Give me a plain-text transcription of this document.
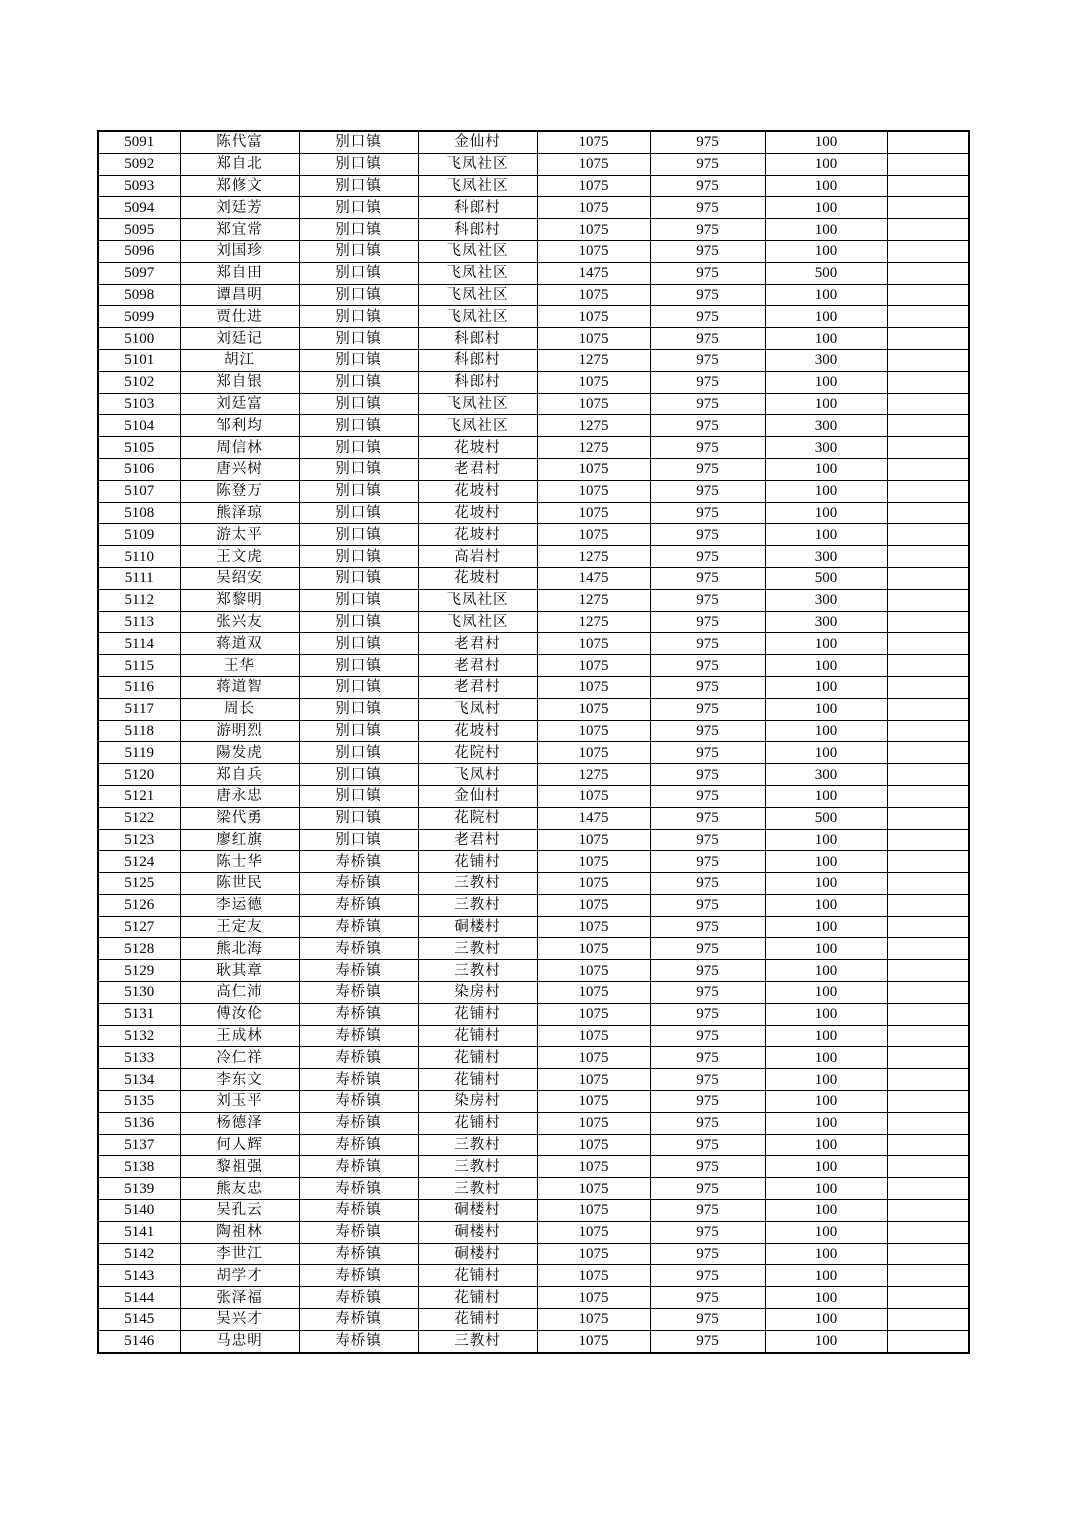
5091	陈代富	别口镇	金仙村	1075	975	100	
5092	郑自北	别口镇	飞凤社区	1075	975	100	
5093	郑修文	别口镇	飞凤社区	1075	975	100	
5094	刘廷芳	别口镇	科郎村	1075	975	100	
5095	郑宜常	别口镇	科郎村	1075	975	100	
5096	刘国珍	别口镇	飞凤社区	1075	975	100	
5097	郑自田	别口镇	飞凤社区	1475	975	500	
5098	谭昌明	别口镇	飞凤社区	1075	975	100	
5099	贾仕进	别口镇	飞凤社区	1075	975	100	
5100	刘廷记	别口镇	科郎村	1075	975	100	
5101	胡江	别口镇	科郎村	1275	975	300	
5102	郑自银	别口镇	科郎村	1075	975	100	
5103	刘廷富	别口镇	飞凤社区	1075	975	100	
5104	邹利均	别口镇	飞凤社区	1275	975	300	
5105	周信林	别口镇	花坡村	1275	975	300	
5106	唐兴树	别口镇	老君村	1075	975	100	
5107	陈登万	别口镇	花坡村	1075	975	100	
5108	熊泽琼	别口镇	花坡村	1075	975	100	
5109	游太平	别口镇	花坡村	1075	975	100	
5110	王文虎	别口镇	高岩村	1275	975	300	
5111	吴绍安	别口镇	花坡村	1475	975	500	
5112	郑黎明	别口镇	飞凤社区	1275	975	300	
5113	张兴友	别口镇	飞凤社区	1275	975	300	
5114	蒋道双	别口镇	老君村	1075	975	100	
5115	王华	别口镇	老君村	1075	975	100	
5116	蒋道智	别口镇	老君村	1075	975	100	
5117	周长	别口镇	飞凤村	1075	975	100	
5118	游明烈	别口镇	花坡村	1075	975	100	
5119	陽发虎	别口镇	花院村	1075	975	100	
5120	郑自兵	别口镇	飞凤村	1275	975	300	
5121	唐永忠	别口镇	金仙村	1075	975	100	
5122	梁代勇	别口镇	花院村	1475	975	500	
5123	廖红旗	别口镇	老君村	1075	975	100	
5124	陈士华	寿桥镇	花铺村	1075	975	100	
5125	陈世民	寿桥镇	三教村	1075	975	100	
5126	李运德	寿桥镇	三教村	1075	975	100	
5127	王定友	寿桥镇	硐楼村	1075	975	100	
5128	熊北海	寿桥镇	三教村	1075	975	100	
5129	耿其章	寿桥镇	三教村	1075	975	100	
5130	高仁沛	寿桥镇	染房村	1075	975	100	
5131	傅汝伦	寿桥镇	花铺村	1075	975	100	
5132	王成林	寿桥镇	花铺村	1075	975	100	
5133	冷仁祥	寿桥镇	花铺村	1075	975	100	
5134	李东文	寿桥镇	花铺村	1075	975	100	
5135	刘玉平	寿桥镇	染房村	1075	975	100	
5136	杨德泽	寿桥镇	花铺村	1075	975	100	
5137	何人辉	寿桥镇	三教村	1075	975	100	
5138	黎祖强	寿桥镇	三教村	1075	975	100	
5139	熊友忠	寿桥镇	三教村	1075	975	100	
5140	吴孔云	寿桥镇	硐楼村	1075	975	100	
5141	陶祖林	寿桥镇	硐楼村	1075	975	100	
5142	李世江	寿桥镇	硐楼村	1075	975	100	
5143	胡学才	寿桥镇	花铺村	1075	975	100	
5144	张泽福	寿桥镇	花铺村	1075	975	100	
5145	吴兴才	寿桥镇	花铺村	1075	975	100	
5146	马忠明	寿桥镇	三教村	1075	975	100	
